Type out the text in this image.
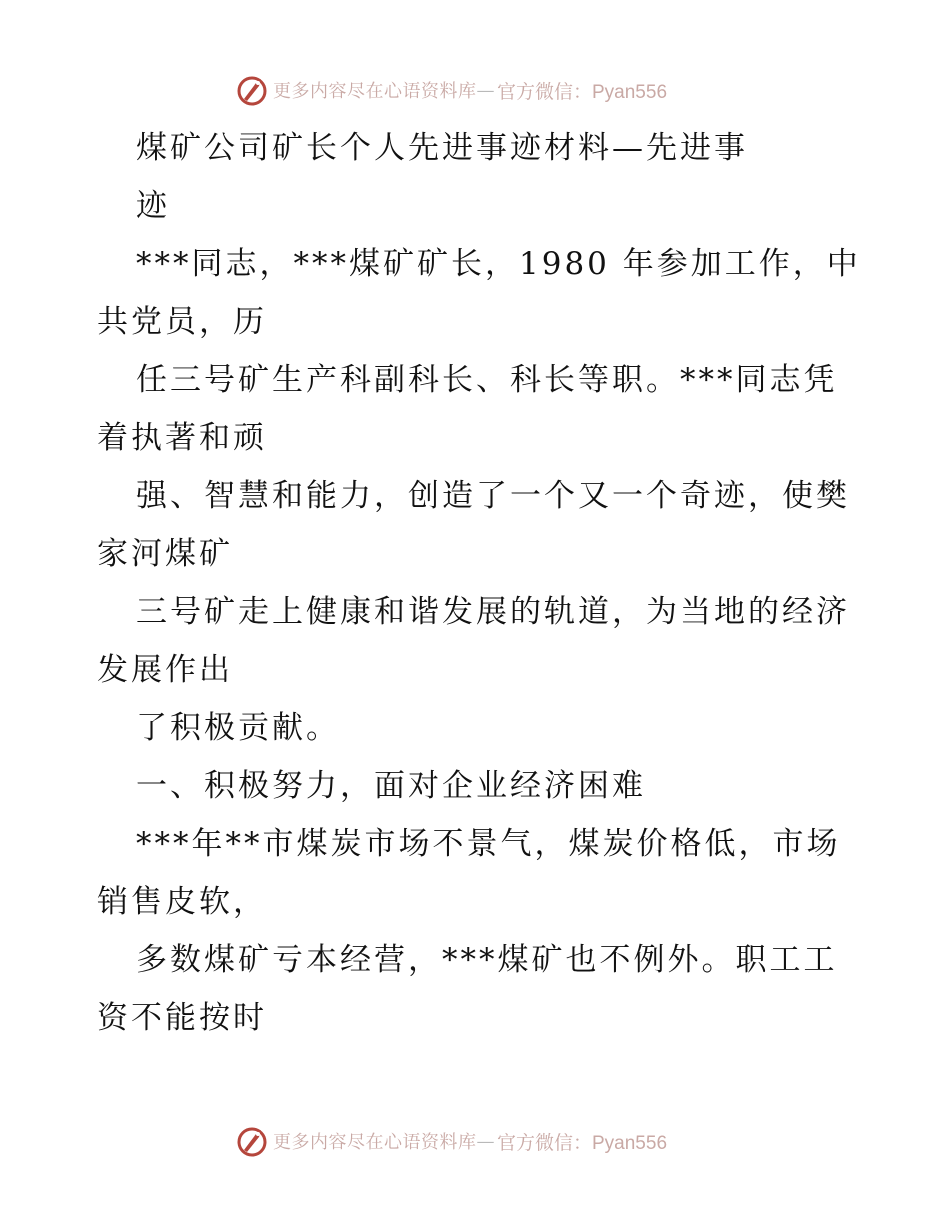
更多内容尽在心语资料库 — 官方微信：Pyan556
煤矿公司矿长个人先进事迹材料—先进事
迹
***同志，***煤矿矿长，1980 年参加工作，中
共党员，历
任三号矿生产科副科长、科长等职。***同志凭
着执著和顽
强、智慧和能力，创造了一个又一个奇迹，使樊
家河煤矿
三号矿走上健康和谐发展的轨道，为当地的经济
发展作出
了积极贡献。
一、积极努力，面对企业经济困难
***年**市煤炭市场不景气，煤炭价格低，市场
销售皮软，
多数煤矿亏本经营，***煤矿也不例外。职工工
资不能按时
更多内容尽在心语资料库 — 官方微信：Pyan556
